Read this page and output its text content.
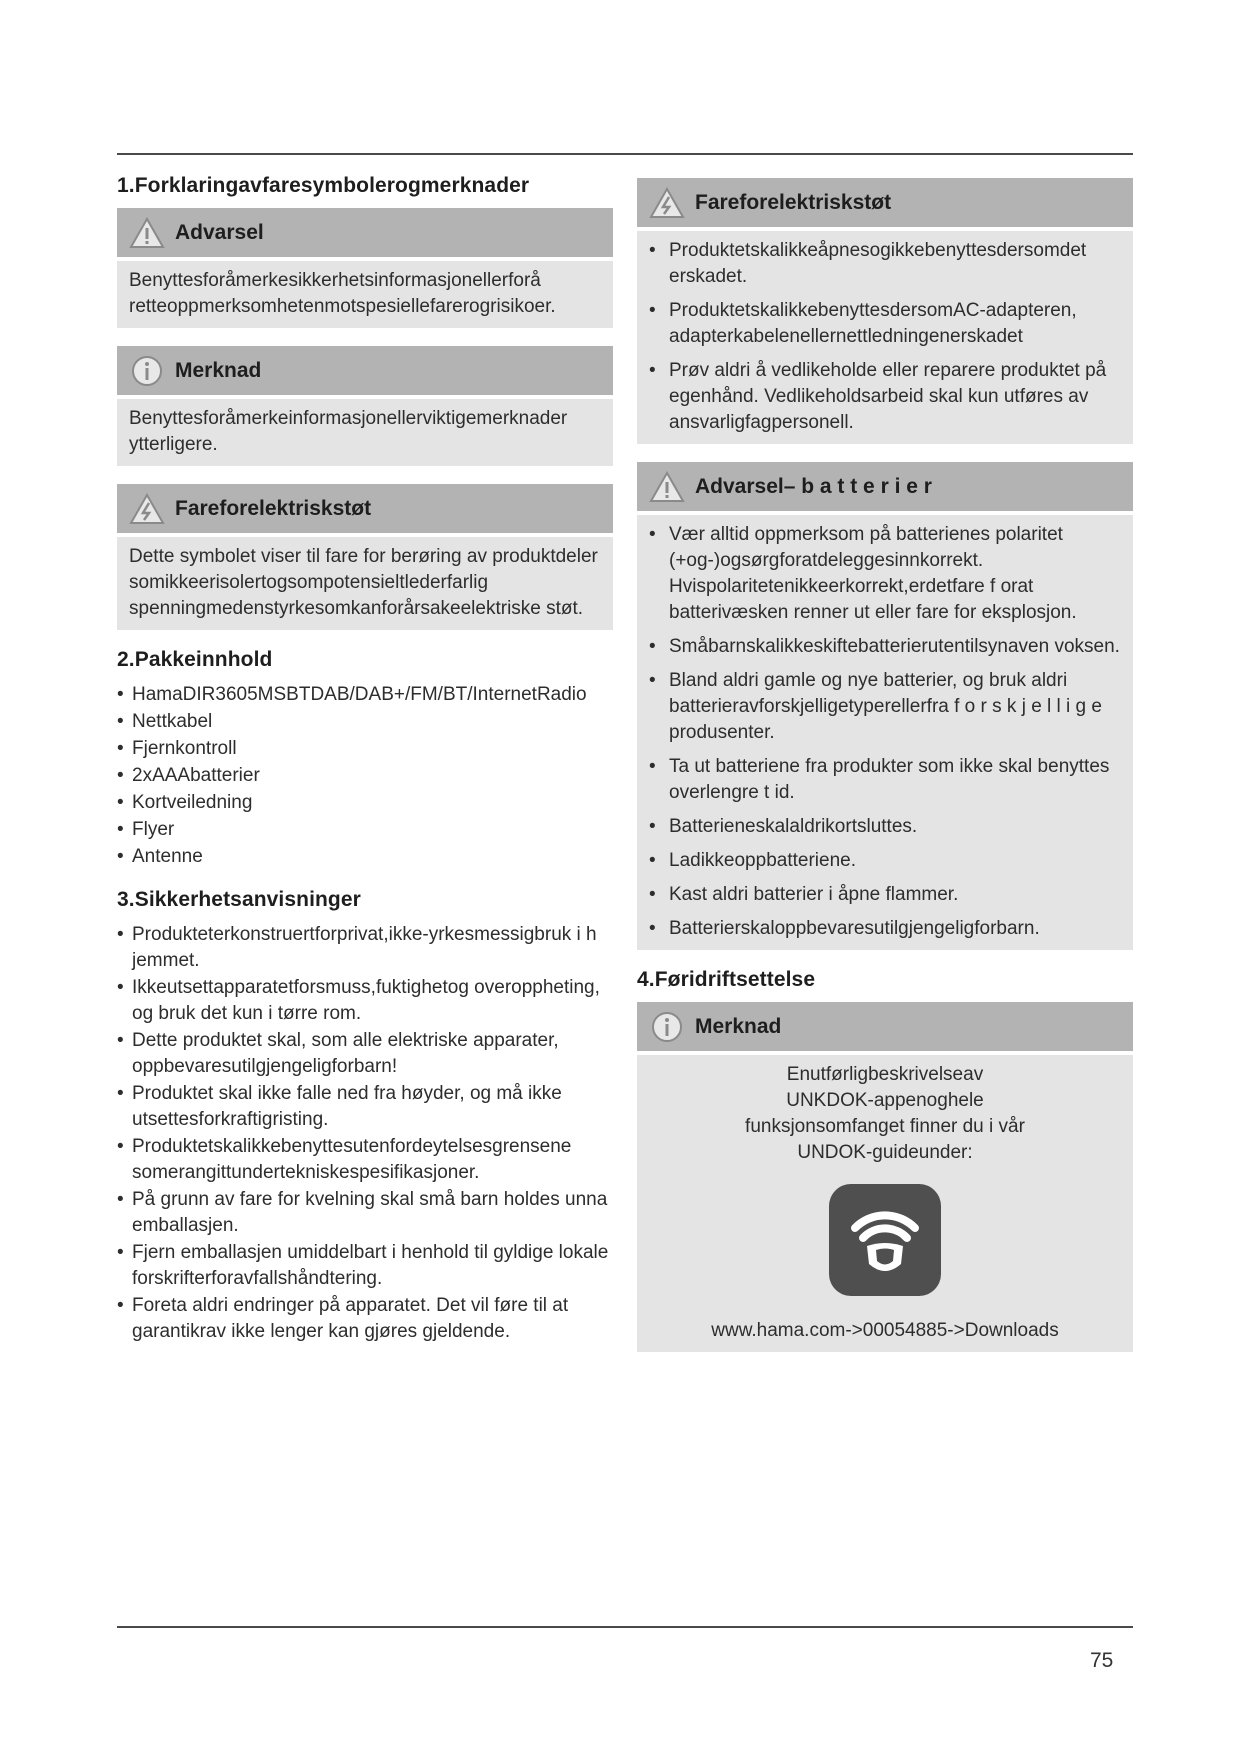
1.Forklaringavfaresymbolerogmerknader
Advarsel
Benyttesforåmerkesikkerhetsinformasjonellerforå retteoppmerksomhetenmotspesiellefarerogrisikoer.
Merknad
Benyttesforåmerkeinformasjonellerviktigemerknader ytterligere.
Fareforelektriskstøt
Dette symbolet viser til fare for berøring av produktdeler somikkeerisolertogsompotensieltlederfarlig spenningmedenstyrkesomkanforårsakeelektriske støt.
2.Pakkeinnhold
• HamaDIR3605MSBTDAB/DAB+/FM/BT/InternetRadio
• Nettkabel
• Fjernkontroll
• 2xAAAbatterier
• Kortveiledning
• Flyer
• Antenne
3.Sikkerhetsanvisninger
• Produkteterkonstruertforprivat,ikke-yrkesmessigbruk i h jemmet.
• Ikkeutsettapparatetforsmuss,fuktighetog overoppheting, og bruk det kun i tørre rom.
• Dette produktet skal, som alle elektriske apparater, oppbevaresutilgjengeligforbarn!
• Produktet skal ikke falle ned fra høyder, og må ikke utsettesforkraftigristing.
• Produktetskalikkebenyttesutenfordeytelsesgrensene somerangittundertekniskespesifikasjoner.
• På grunn av fare for kvelning skal små barn holdes unna emballasjen.
• Fjern emballasjen umiddelbart i henhold til gyldige lokale forskrifterforavfallshåndtering.
• Foreta aldri endringer på apparatet. Det vil føre til at garantikrav ikke lenger kan gjøres gjeldende.
Fareforelektriskstøt
• Produktetskalikkeåpnesogikkebenyttesdersomdet erskadet.
• ProduktetskalikkebenyttesdersomAC-adapteren, adapterkabelenellernettledningenerskadet
• Prøv aldri å vedlikeholde eller reparere produktet på egenhånd. Vedlikeholdsarbeid skal kun utføres av ansvarligfagpersonell.
Advarsel– b a t t e r i e r
• Vær alltid oppmerksom på batterienes polaritet (+og-)ogsørgforatdeleggesinnkorrekt. Hvispolaritetenikkeerkorrekt,erdetfare f orat batterivæsken renner ut eller fare for eksplosjon.
• Småbarnskalikkeskiftebatterierutentilsynaven voksen.
• Bland aldri gamle og nye batterier, og bruk aldri batterieravforskjelligetyperellerfra f o r s k j e l l i g e produsenter.
• Ta ut batteriene fra produkter som ikke skal benyttes overlengre t id.
• Batterieneskalaldrikortsluttes.
• Ladikkeoppbatteriene.
• Kast aldri batterier i åpne flammer.
• Batterierskaloppbevaresutilgjengeligforbarn.
4.Føridriftsettelse
Merknad
Enutførligbeskrivelseav
UNKDOK-appenoghele
funksjonsomfanget finner du i vår
UNDOK-guideunder:
www.hama.com->00054885->Downloads
75
